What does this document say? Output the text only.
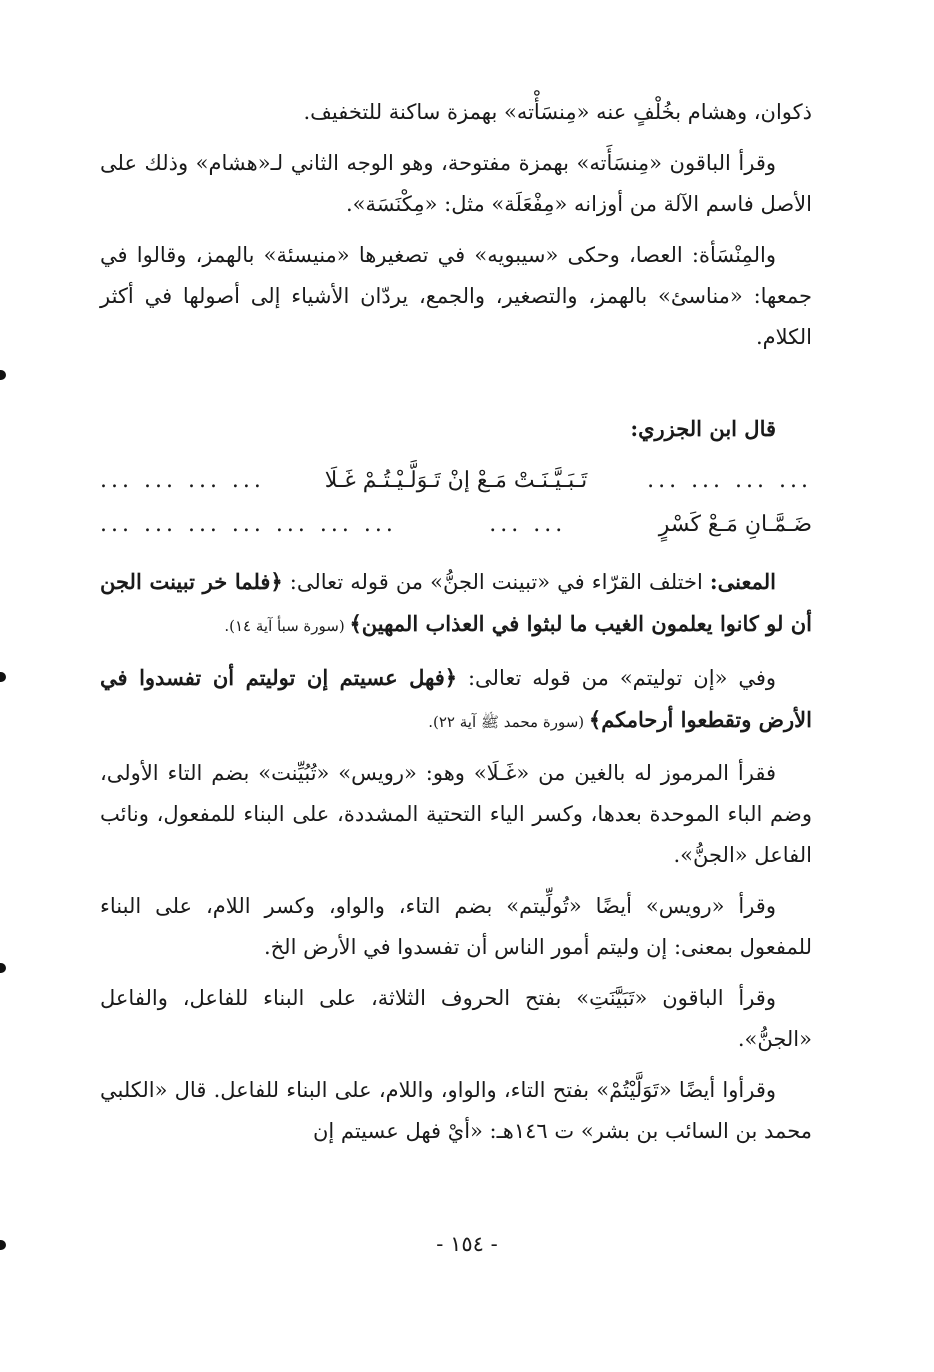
ذكوان، وهشام بخُلْفٍ عنه «مِنسَأْته» بهمزة ساكنة للتخفيف.

وقرأ الباقون «مِنسَأَته» بهمزة مفتوحة، وهو الوجه الثاني لـ«هشام» وذلك على الأصل فاسم الآلة من أوزانه «مِفْعَلَة» مثل: «مِكْنَسَة».

والمِنْسَأة: العصا، وحكى «سيبويه» في تصغيرها «منيسئة» بالهمز، وقالوا في جمعها: «مناسئ» بالهمز، والتصغير، والجمع، يردّان الأشياء إلى أصولها في أكثر الكلام.

قال ابن الجزري:

... ... ... ...
تَـبَـيَّـنَـتْ مَـعْ إنْ تَـوَلَّـيْـتُـمْ غَـلَا
... ... ... ...
ضَـمَّـانِ مَـعْ كَسْرٍ
... ...
... ... ... ... ... ... ...

المعنى: اختلف القرّاء في «تبينت الجنُّ» من قوله تعالى: ﴿فلما خر تبينت الجن أن لو كانوا يعلمون الغيب ما لبثوا في العذاب المهين﴾ (سورة سبأ آية ١٤).

وفي «إن توليتم» من قوله تعالى: ﴿فهل عسيتم إن توليتم أن تفسدوا في الأرض وتقطعوا أرحامكم﴾ (سورة محمد ﷺ آية ٢٢).

فقرأ المرموز له بالغين من «غَـلَا» وهو: «رويس» «تُبُيِّنت» بضم التاء الأولى، وضم الباء الموحدة بعدها، وكسر الياء التحتية المشددة، على البناء للمفعول، ونائب الفاعل «الجنُّ».

وقرأ «رويس» أيضًا «تُولِّيتم» بضم التاء، والواو، وكسر اللام، على البناء للمفعول بمعنى: إن وليتم أمور الناس أن تفسدوا في الأرض الخ.

وقرأ الباقون «تَبَيَّنَتِ» بفتح الحروف الثلاثة، على البناء للفاعل، والفاعل «الجنُّ».

وقرأوا أيضًا «تَوَلَّيْتُمْ» بفتح التاء، والواو، واللام، على البناء للفاعل. قال «الكلبي محمد بن السائب بن بشر» ت ١٤٦هـ: «أيْ فهل عسيتم إن

- ١٥٤ -
